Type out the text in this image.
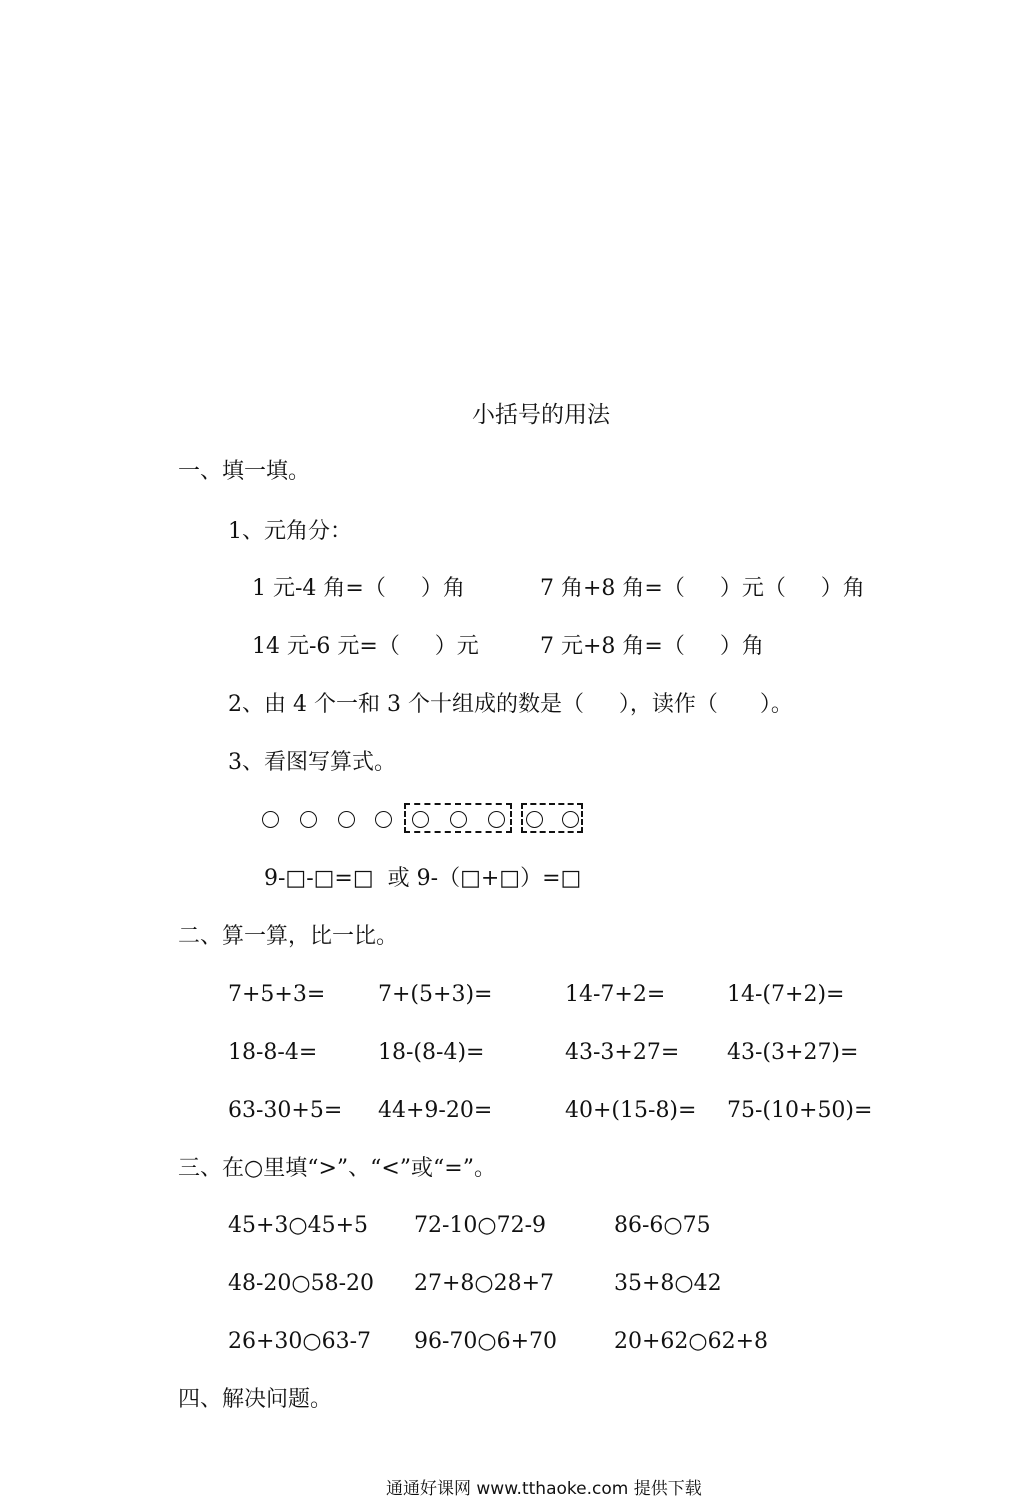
小括号的用法
一、填一填。
1、元角分：
1 元-4 角=（     ）角	7 角+8 角=（     ）元（     ）角
14 元-6 元=（     ）元	7 元+8 角=（     ）角
2、由 4 个一和 3 个十组成的数是（     ），读作（      ）。
3、看图写算式。
9-□-□=□  或 9-（□+□）=□
二、算一算，比一比。
7+5+3= 7+(5+3)=	14-7+2=	14-(7+2)=
18-8-4=	18-(8-4)=	43-3+27= 43-(3+27)=
63-30+5= 44+9-20=	40+(15-8)= 75-(10+50)=
三、在○里填“>”、“<”或“=”。
45+3○45+5 72-10○72-9	86-6○75
48-20○58-20 27+8○28+7	35+8○42
26+30○63-7 96-70○6+70	20+62○62+8
四、解决问题。
通通好课网 www.tthaoke.com 提供下载
